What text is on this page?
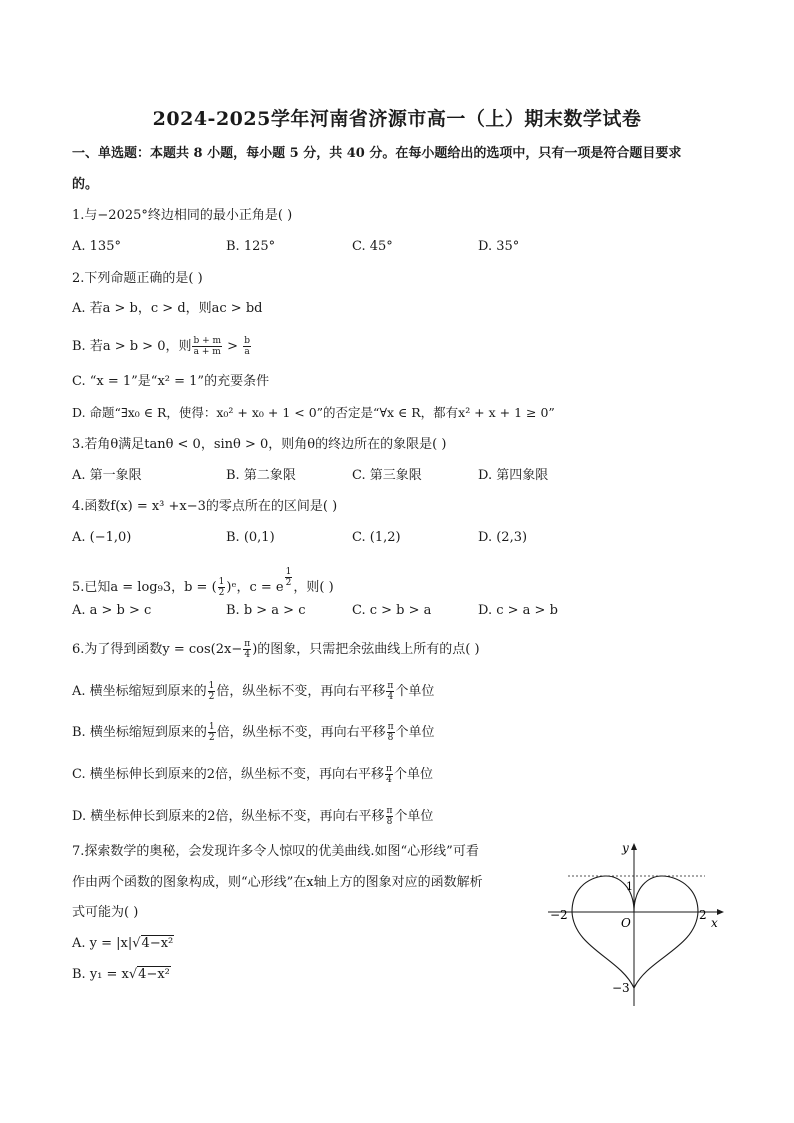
2024-2025学年河南省济源市高一（上）期末数学试卷
一、单选题：本题共 8 小题，每小题 5 分，共 40 分。在每小题给出的选项中，只有一项是符合题目要求
的。
1.与−2025°终边相同的最小正角是( )
A. 135°	B. 125°	C. 45°	D. 35°
2.下列命题正确的是( )
A. 若a > b，c > d，则ac > bd
B. 若a > b > 0，则 $\frac{b + m}{a + m} > \frac{b}{a}$
C. “x = 1”是“x² = 1”的充要条件
D. 命题“∃x₀ ∈ R，使得：x₀² + x₀ + 1 < 0”的否定是“∀x ∈ R，都有x² + x + 1 ≥ 0”
3.若角θ满足tanθ < 0，sinθ > 0，则角θ的终边所在的象限是( )
A. 第一象限	B. 第二象限	C. 第三象限	D. 第四象限
4.函数f(x) = x³ +x−3的零点所在的区间是( )
A. (−1,0)	B. (0,1)	C. (1,2)	D. (2,3)
5.已知a = log₉3，b = ( $\frac{1}{2}$ )ᵉ，c = e $^{\frac{1}{2}}$ ，则( )
A. a > b > c	B. b > a > c	C. c > b > a	D. c > a > b
6.为了得到函数$y = \cos(2x- \frac{\pi}{4}$ )的图象，只需把余弦曲线上所有的点( )
A. 横坐标缩短到原来的 $\frac{1}{2}$ 倍，纵坐标不变，再向右平移 $\frac{\pi}{4}$ 个单位
B. 横坐标缩短到原来的 $\frac{1}{2}$ 倍，纵坐标不变，再向右平移 $\frac{\pi}{8}$ 个单位
C. 横坐标伸长到原来的2倍，纵坐标不变，再向右平移 $\frac{\pi}{4}$ 个单位
D. 横坐标伸长到原来的2倍，纵坐标不变，再向右平移 $\frac{\pi}{8}$ 个单位
7.探索数学的奥秘，会发现许多令人惊叹的优美曲线.如图“心形线”可看
作由两个函数的图象构成，则“心形线”在x轴上方的图象对应的函数解析
式可能为( )
A. y = |x|√4−x²
B. y₁ = x√4−x²
y
x
O
−2	2
1
−3
